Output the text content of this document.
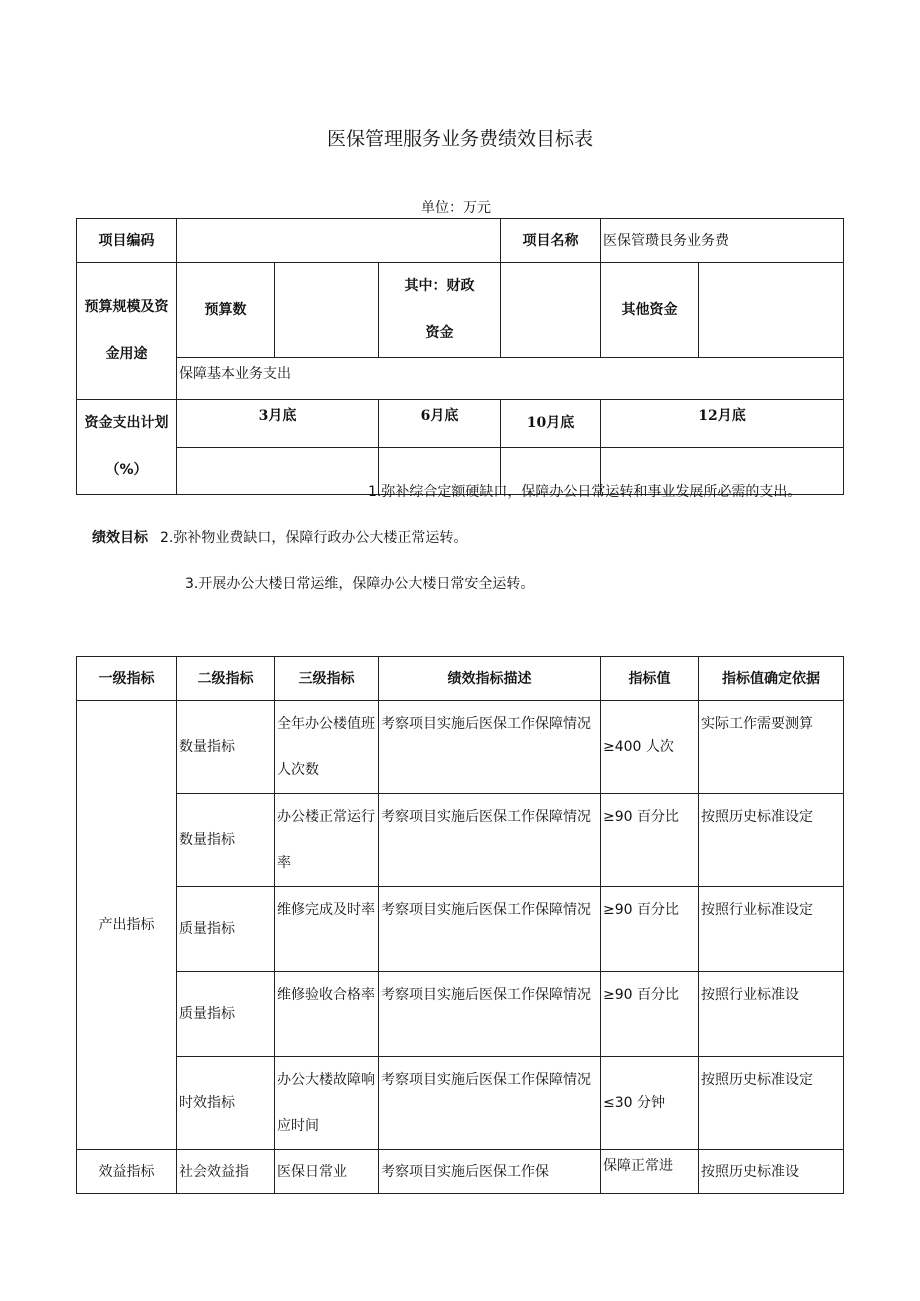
医保管理服务业务费绩效目标表
单位：万元
项目编码				项目名称	医保管瓒艮务业务费	
预算规模及资金用途	预算数		其中：财政资金		其他资金	
	保障基本业务支出					
资金支出计划（%）	3月底		6月底	10月底	12月底	

1.弥补综合定额硬缺口，保障办公日常运转和事业发展所必需的支出。
绩效目标 2.弥补物业费缺口，保障行政办公大楼正常运转。
3.开展办公大楼日常运维，保障办公大楼日常安全运转。
一级指标	二级指标	三级指标	绩效指标描述	指标值	指标值确定依据
产出指标	数量指标	全年办公楼值班人次数	考察项目实施后医保工作保障情况	≥400 人次	实际工作需要测算
	数量指标	办公楼正常运行率	考察项目实施后医保工作保障情况	≥90 百分比	按照历史标准设定
	质量指标	维修完成及时率	考察项目实施后医保工作保障情况	≥90 百分比	按照行业标准设定
	质量指标	维修验收合格率	考察项目实施后医保工作保障情况	≥90 百分比	按照行业标准设
	时效指标	办公大楼故障响应时间	考察项目实施后医保工作保障情况	≤30 分钟	按照历史标准设定
效益指标	社会效益指	医保日常业	考察项目实施后医保工作保	保障正常进	按照历史标准设
